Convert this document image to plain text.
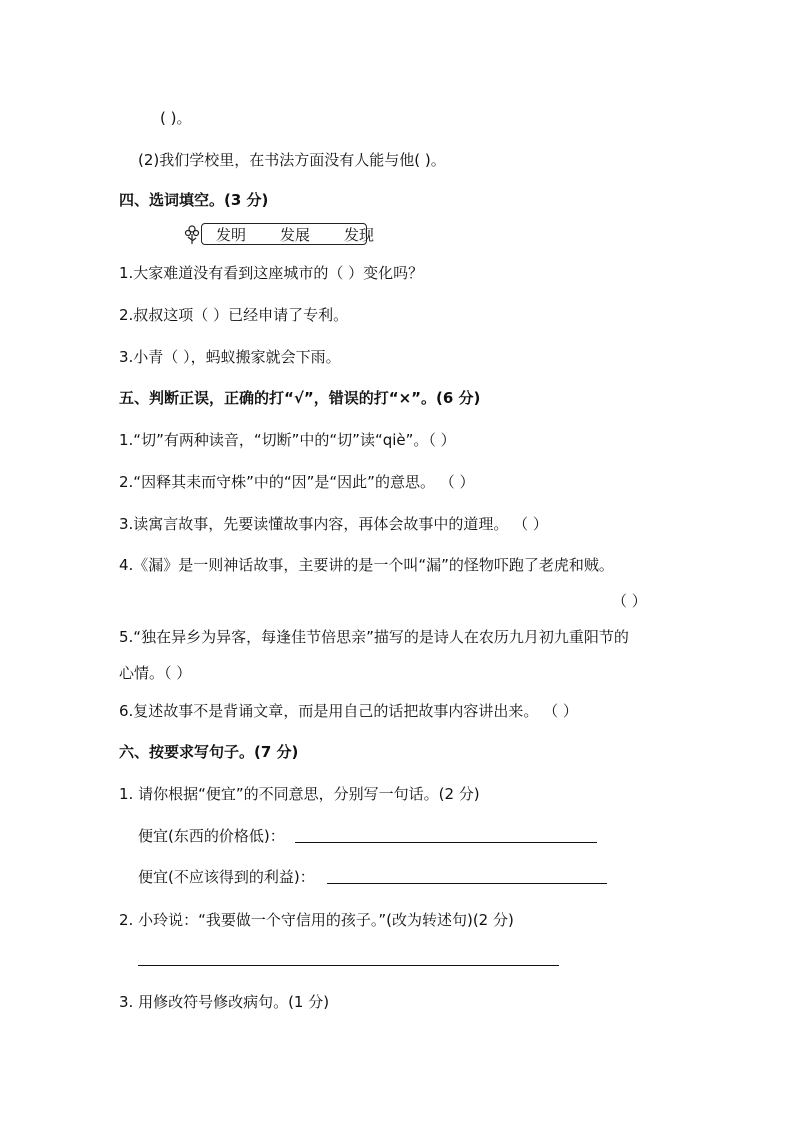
( )。
(2)我们学校里，在书法方面没有人能与他( )。
四、选词填空。(3 分)
发明 发展 发现
1.大家难道没有看到这座城市的（ ）变化吗？
2.叔叔这项（ ）已经申请了专利。
3.小青（ ），蚂蚁搬家就会下雨。
五、判断正误，正确的打“√”，错误的打“×”。(6 分)
1.“切”有两种读音，“切断”中的“切”读“qiè”。（ ）
2.“因释其耒而守株”中的“因”是“因此”的意思。 （ ）
3.读寓言故事，先要读懂故事内容，再体会故事中的道理。 （ ）
4.《漏》是一则神话故事，主要讲的是一个叫“漏”的怪物吓跑了老虎和贼。
（ ）
5.“独在异乡为异客，每逢佳节倍思亲”描写的是诗人在农历九月初九重阳节的
心情。（ ）
6.复述故事不是背诵文章，而是用自己的话把故事内容讲出来。 （ ）
六、按要求写句子。(7 分)
1. 请你根据“便宜”的不同意思，分别写一句话。(2 分)
便宜(东西的价格低)：
便宜(不应该得到的利益)：
2. 小玲说：“我要做一个守信用的孩子。”(改为转述句)(2 分)
3. 用修改符号修改病句。(1 分)
